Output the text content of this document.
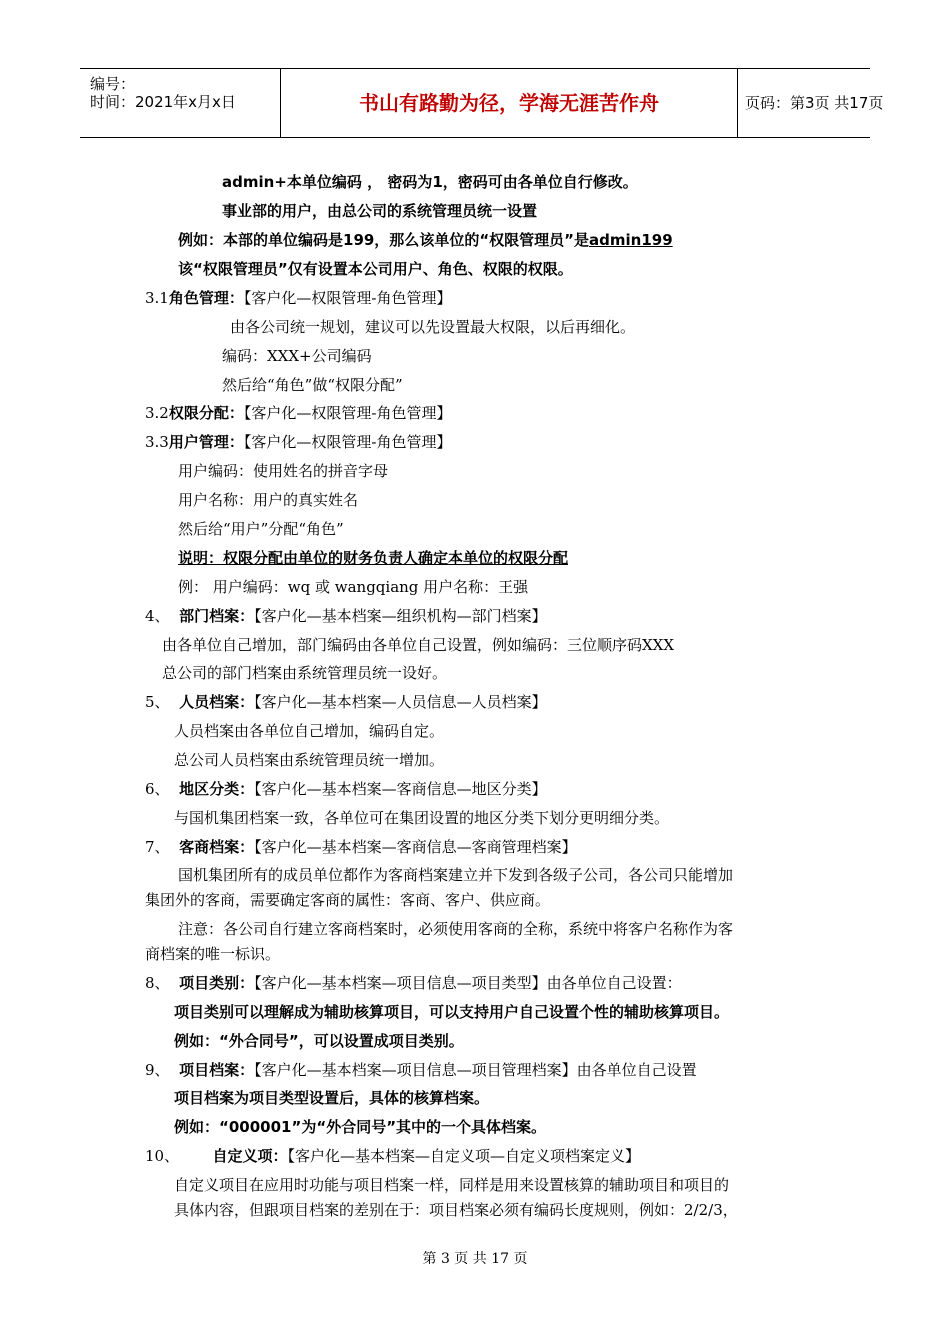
编号：
时间：2021年x月x日	书山有路勤为径，学海无涯苦作舟	页码：第3页 共17页
admin+本单位编码 ， 密码为1，密码可由各单位自行修改。
事业部的用户，由总公司的系统管理员统一设置
例如：本部的单位编码是199，那么该单位的“权限管理员”是admin199
该“权限管理员”仅有设置本公司用户、角色、权限的权限。
3.1角色管理：【客户化—权限管理-角色管理】
由各公司统一规划，建议可以先设置最大权限，以后再细化。
编码：XXX+公司编码
然后给“角色”做“权限分配”
3.2权限分配：【客户化—权限管理-角色管理】
3.3用户管理：【客户化—权限管理-角色管理】
用户编码：使用姓名的拼音字母
用户名称：用户的真实姓名
然后给“用户”分配“角色”
说明：权限分配由单位的财务负责人确定本单位的权限分配
例： 用户编码：wq 或 wangqiang 用户名称：王强
4、 部门档案：【客户化—基本档案—组织机构—部门档案】
由各单位自己增加，部门编码由各单位自己设置，例如编码：三位顺序码XXX
总公司的部门档案由系统管理员统一设好。
5、 人员档案：【客户化—基本档案—人员信息—人员档案】
人员档案由各单位自己增加，编码自定。
总公司人员档案由系统管理员统一增加。
6、 地区分类：【客户化—基本档案—客商信息—地区分类】
与国机集团档案一致，各单位可在集团设置的地区分类下划分更明细分类。
7、 客商档案：【客户化—基本档案—客商信息—客商管理档案】
国机集团所有的成员单位都作为客商档案建立并下发到各级子公司，各公司只能增加
集团外的客商，需要确定客商的属性：客商、客户、供应商。
注意：各公司自行建立客商档案时，必须使用客商的全称，系统中将客户名称作为客
商档案的唯一标识。
8、 项目类别：【客户化—基本档案—项目信息—项目类型】由各单位自己设置：
项目类别可以理解成为辅助核算项目，可以支持用户自己设置个性的辅助核算项目。
例如：“外合同号”，可以设置成项目类别。
9、 项目档案：【客户化—基本档案—项目信息—项目管理档案】由各单位自己设置
项目档案为项目类型设置后，具体的核算档案。
例如：“000001”为“外合同号”其中的一个具体档案。
10、 自定义项：【客户化—基本档案—自定义项—自定义项档案定义】
自定义项目在应用时功能与项目档案一样，同样是用来设置核算的辅助项目和项目的
具体内容，但跟项目档案的差别在于：项目档案必须有编码长度规则，例如：2/2/3，
第 3 页 共 17 页
